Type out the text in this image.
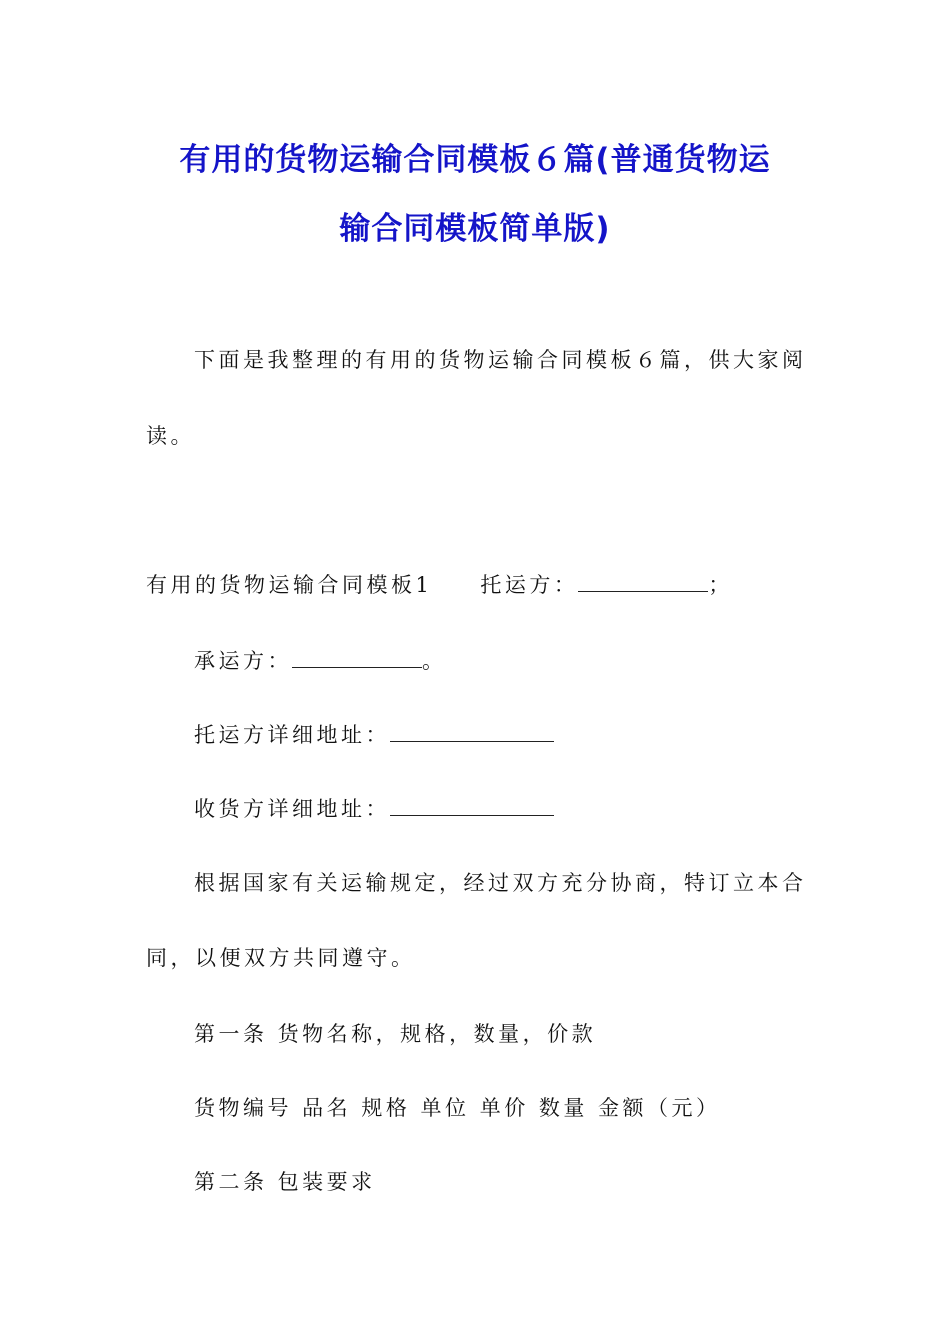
有用的货物运输合同模板６篇(普通货物运
输合同模板简单版)
下面是我整理的有用的货物运输合同模板６篇，供大家阅
读。
有用的货物运输合同模板1 托运方：	；
承运方：	。
托运方详细地址：
收货方详细地址：
根据国家有关运输规定，经过双方充分协商，特订立本合
同，以便双方共同遵守。
第一条 货物名称，规格，数量，价款
货物编号 品名 规格 单位 单价 数量 金额（元）
第二条 包装要求
